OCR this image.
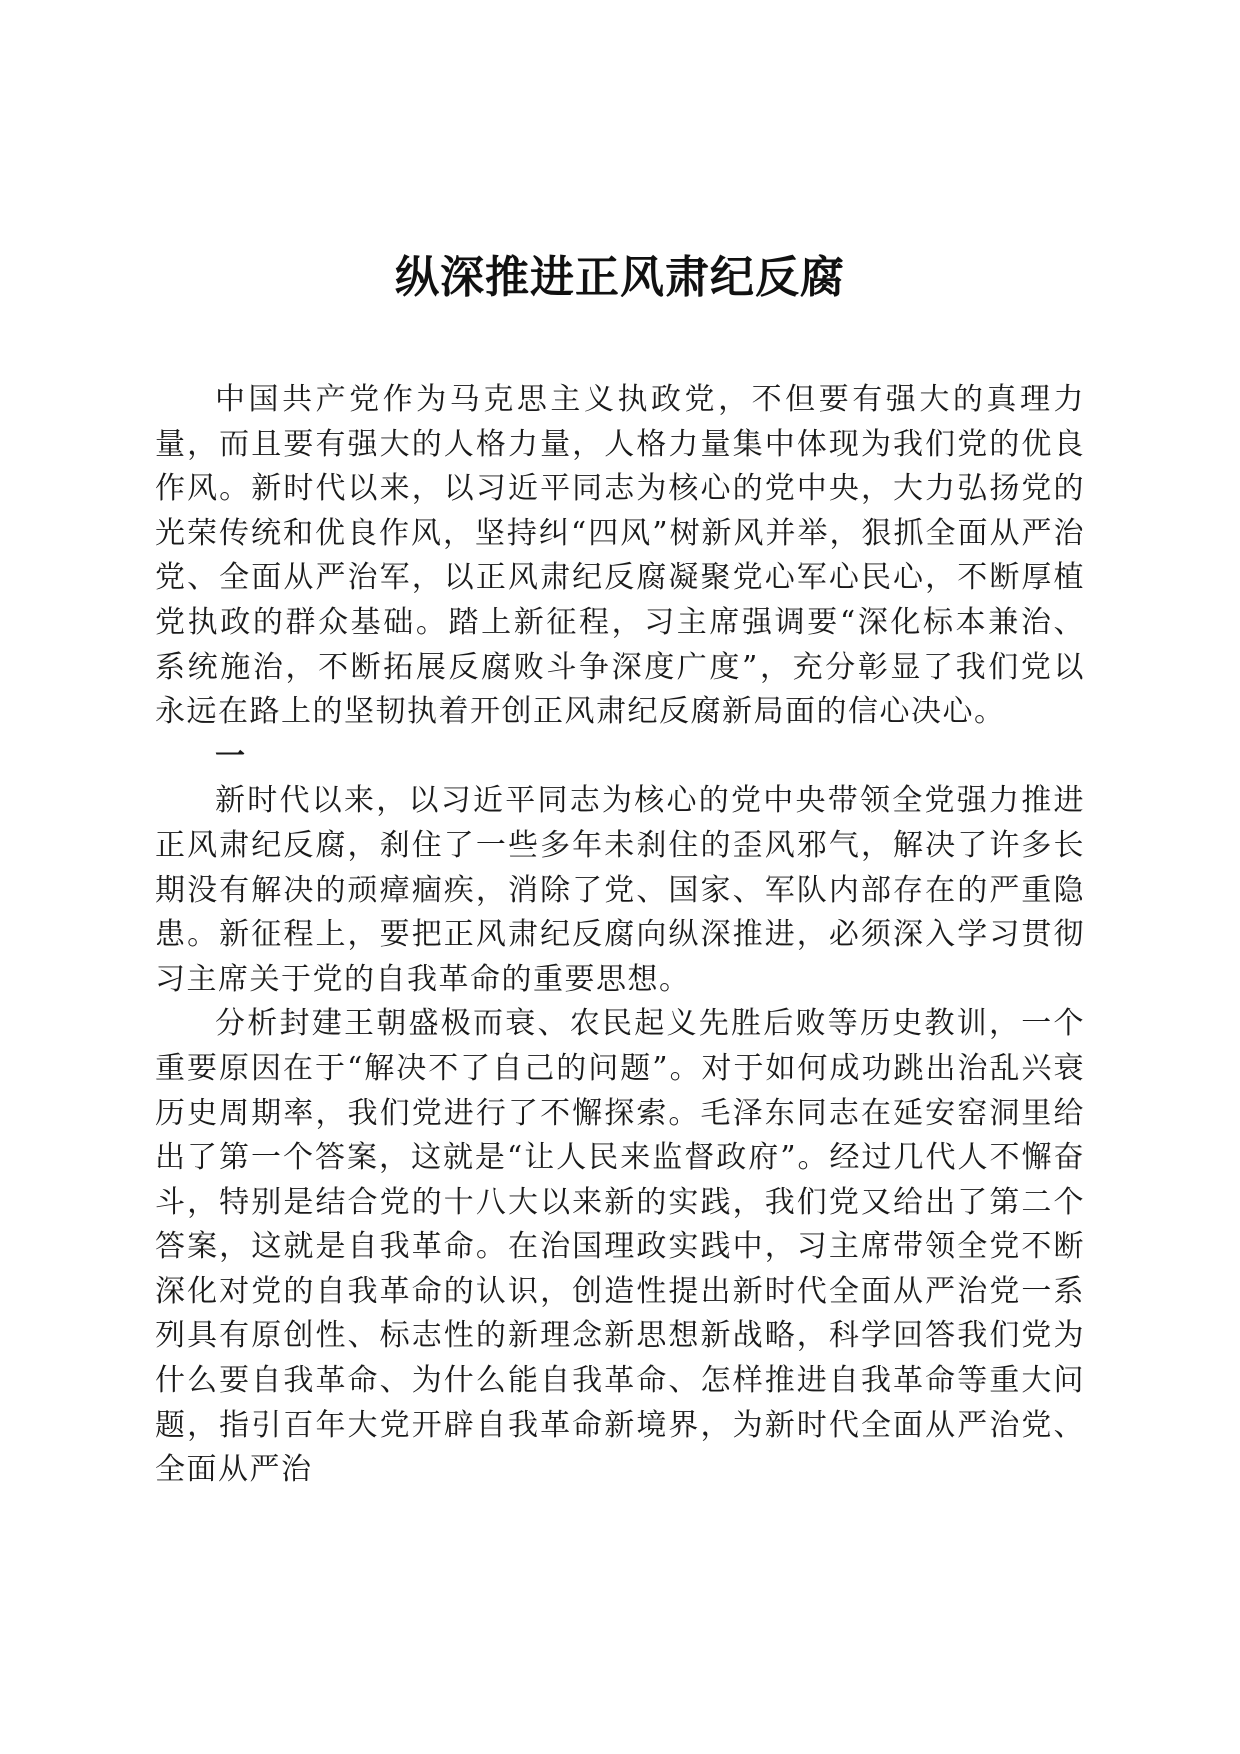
纵深推进正风肃纪反腐

中国共产党作为马克思主义执政党，不但要有强大的真理力量，而且要有强大的人格力量，人格力量集中体现为我们党的优良作风。新时代以来，以习近平同志为核心的党中央，大力弘扬党的光荣传统和优良作风，坚持纠“四风”树新风并举，狠抓全面从严治党、全面从严治军，以正风肃纪反腐凝聚党心军心民心，不断厚植党执政的群众基础。踏上新征程，习主席强调要“深化标本兼治、系统施治，不断拓展反腐败斗争深度广度”，充分彰显了我们党以永远在路上的坚韧执着开创正风肃纪反腐新局面的信心决心。

一

新时代以来，以习近平同志为核心的党中央带领全党强力推进正风肃纪反腐，刹住了一些多年未刹住的歪风邪气，解决了许多长期没有解决的顽瘴痼疾，消除了党、国家、军队内部存在的严重隐患。新征程上，要把正风肃纪反腐向纵深推进，必须深入学习贯彻习主席关于党的自我革命的重要思想。

分析封建王朝盛极而衰、农民起义先胜后败等历史教训，一个重要原因在于“解决不了自己的问题”。对于如何成功跳出治乱兴衰历史周期率，我们党进行了不懈探索。毛泽东同志在延安窑洞里给出了第一个答案，这就是“让人民来监督政府”。经过几代人不懈奋斗，特别是结合党的十八大以来新的实践，我们党又给出了第二个答案，这就是自我革命。在治国理政实践中，习主席带领全党不断深化对党的自我革命的认识，创造性提出新时代全面从严治党一系列具有原创性、标志性的新理念新思想新战略，科学回答我们党为什么要自我革命、为什么能自我革命、怎样推进自我革命等重大问题，指引百年大党开辟自我革命新境界，为新时代全面从严治党、全面从严治
